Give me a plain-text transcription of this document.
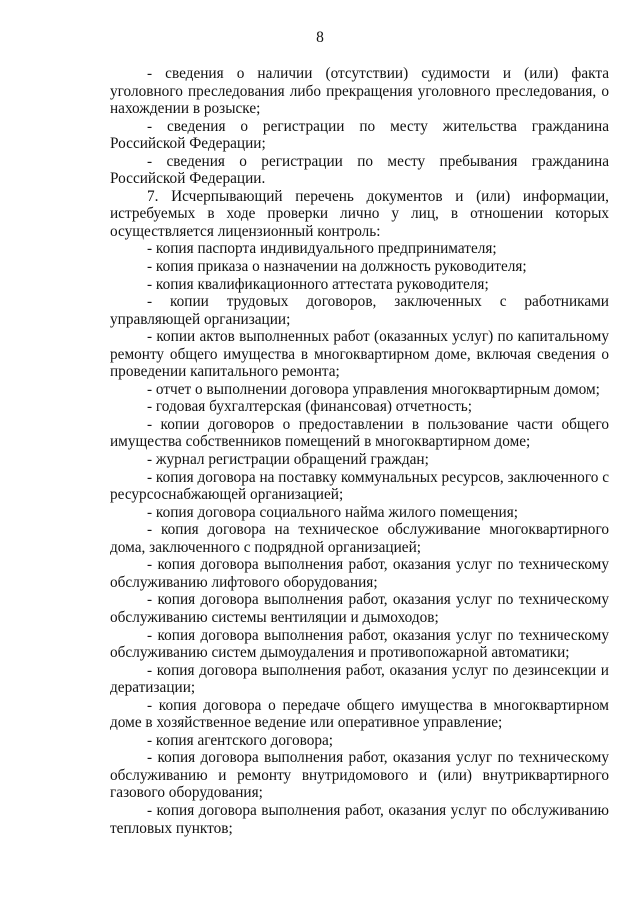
8

- сведения о наличии (отсутствии) судимости и (или) факта уголовного преследования либо прекращения уголовного преследования, о нахождении в розыске;

- сведения о регистрации по месту жительства гражданина Российской Федерации;

- сведения о регистрации по месту пребывания гражданина Российской Федерации.

7. Исчерпывающий перечень документов и (или) информации, истребуемых в ходе проверки лично у лиц, в отношении которых осуществляется лицензионный контроль:

- копия паспорта индивидуального предпринимателя;

- копия приказа о назначении на должность руководителя;

- копия квалификационного аттестата руководителя;

- копии трудовых договоров, заключенных с работниками управляющей организации;

- копии актов выполненных работ (оказанных услуг) по капитальному ремонту общего имущества в многоквартирном доме, включая сведения о проведении капитального ремонта;

- отчет о выполнении договора управления многоквартирным домом;

- годовая бухгалтерская (финансовая) отчетность;

- копии договоров о предоставлении в пользование части общего имущества собственников помещений в многоквартирном доме;

- журнал регистрации обращений граждан;

- копия договора на поставку коммунальных ресурсов, заключенного с ресурсоснабжающей организацией;

- копия договора социального найма жилого помещения;

- копия договора на техническое обслуживание многоквартирного дома, заключенного с подрядной организацией;

- копия договора выполнения работ, оказания услуг по техническому обслуживанию лифтового оборудования;

- копия договора выполнения работ, оказания услуг по техническому обслуживанию системы вентиляции и дымоходов;

- копия договора выполнения работ, оказания услуг по техническому обслуживанию систем дымоудаления и противопожарной автоматики;

- копия договора выполнения работ, оказания услуг по дезинсекции и дератизации;

- копия договора о передаче общего имущества в многоквартирном доме в хозяйственное ведение или оперативное управление;

- копия агентского договора;

- копия договора выполнения работ, оказания услуг по техническому обслуживанию и ремонту внутридомового и (или) внутриквартирного газового оборудования;

- копия договора выполнения работ, оказания услуг по обслуживанию тепловых пунктов;
